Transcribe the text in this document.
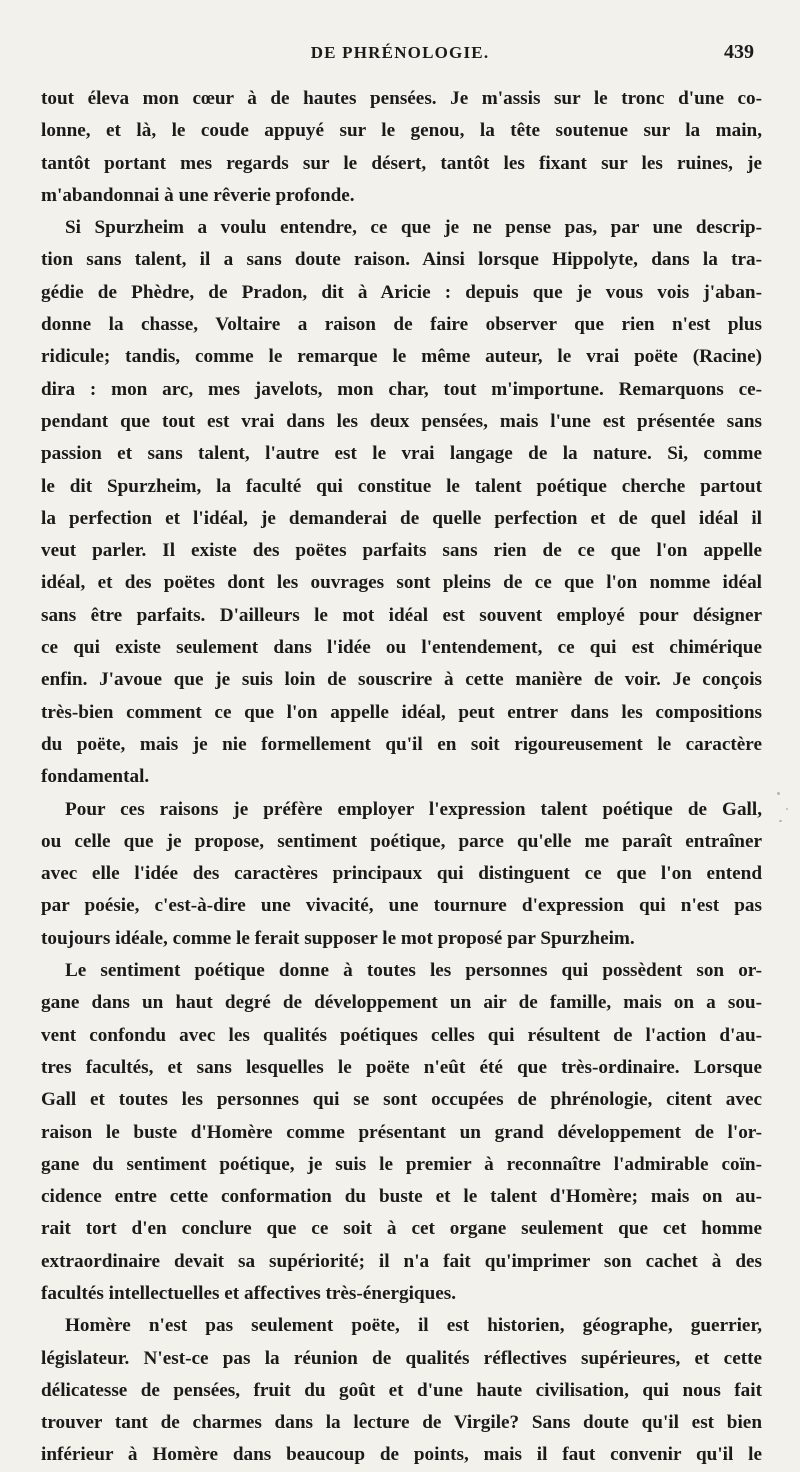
DE PHRÉNOLOGIE.	439
tout éleva mon cœur à de hautes pensées. Je m'assis sur le tronc d'une co-
lonne, et là, le coude appuyé sur le genou, la tête soutenue sur la main,
tantôt portant mes regards sur le désert, tantôt les fixant sur les ruines, je
m'abandonnai à une rêverie profonde.
Si Spurzheim a voulu entendre, ce que je ne pense pas, par une descrip-
tion sans talent, il a sans doute raison. Ainsi lorsque Hippolyte, dans la tra-
gédie de Phèdre, de Pradon, dit à Aricie : depuis que je vous vois j'aban-
donne la chasse, Voltaire a raison de faire observer que rien n'est plus
ridicule; tandis, comme le remarque le même auteur, le vrai poëte (Racine)
dira : mon arc, mes javelots, mon char, tout m'importune. Remarquons ce-
pendant que tout est vrai dans les deux pensées, mais l'une est présentée sans
passion et sans talent, l'autre est le vrai langage de la nature. Si, comme
le dit Spurzheim, la faculté qui constitue le talent poétique cherche partout
la perfection et l'idéal, je demanderai de quelle perfection et de quel idéal il
veut parler. Il existe des poëtes parfaits sans rien de ce que l'on appelle
idéal, et des poëtes dont les ouvrages sont pleins de ce que l'on nomme idéal
sans être parfaits. D'ailleurs le mot idéal est souvent employé pour désigner
ce qui existe seulement dans l'idée ou l'entendement, ce qui est chimérique
enfin. J'avoue que je suis loin de souscrire à cette manière de voir. Je conçois
très-bien comment ce que l'on appelle idéal, peut entrer dans les compositions
du poëte, mais je nie formellement qu'il en soit rigoureusement le caractère
fondamental.
Pour ces raisons je préfère employer l'expression talent poétique de Gall,
ou celle que je propose, sentiment poétique, parce qu'elle me paraît entraîner
avec elle l'idée des caractères principaux qui distinguent ce que l'on entend
par poésie, c'est-à-dire une vivacité, une tournure d'expression qui n'est pas
toujours idéale, comme le ferait supposer le mot proposé par Spurzheim.
Le sentiment poétique donne à toutes les personnes qui possèdent son or-
gane dans un haut degré de développement un air de famille, mais on a sou-
vent confondu avec les qualités poétiques celles qui résultent de l'action d'au-
tres facultés, et sans lesquelles le poëte n'eût été que très-ordinaire. Lorsque
Gall et toutes les personnes qui se sont occupées de phrénologie, citent avec
raison le buste d'Homère comme présentant un grand développement de l'or-
gane du sentiment poétique, je suis le premier à reconnaître l'admirable coïn-
cidence entre cette conformation du buste et le talent d'Homère; mais on au-
rait tort d'en conclure que ce soit à cet organe seulement que cet homme
extraordinaire devait sa supériorité; il n'a fait qu'imprimer son cachet à des
facultés intellectuelles et affectives très-énergiques.
Homère n'est pas seulement poëte, il est historien, géographe, guerrier,
législateur. N'est-ce pas la réunion de qualités réflectives supérieures, et cette
délicatesse de pensées, fruit du goût et d'une haute civilisation, qui nous fait
trouver tant de charmes dans la lecture de Virgile? Sans doute qu'il est bien
inférieur à Homère dans beaucoup de points, mais il faut convenir qu'il le
